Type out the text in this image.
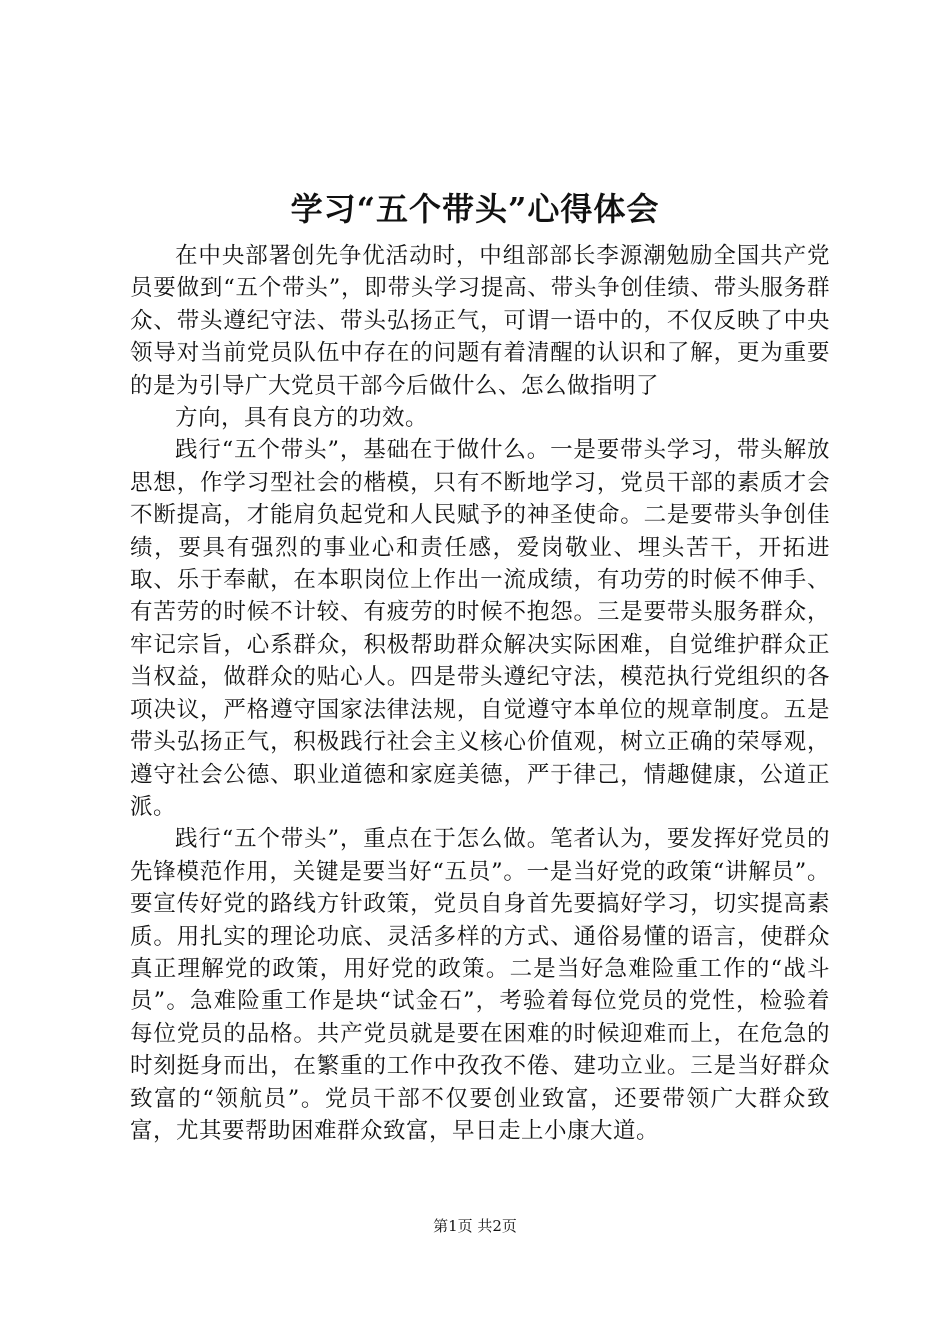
学习“五个带头”心得体会

在中央部署创先争优活动时，中组部部长李源潮勉励全国共产党员要做到“五个带头”，即带头学习提高、带头争创佳绩、带头服务群众、带头遵纪守法、带头弘扬正气，可谓一语中的，不仅反映了中央领导对当前党员队伍中存在的问题有着清醒的认识和了解，更为重要的是为引导广大党员干部今后做什么、怎么做指明了

方向，具有良方的功效。

践行“五个带头”，基础在于做什么。一是要带头学习，带头解放思想，作学习型社会的楷模，只有不断地学习，党员干部的素质才会不断提高，才能肩负起党和人民赋予的神圣使命。二是要带头争创佳绩，要具有强烈的事业心和责任感，爱岗敬业、埋头苦干，开拓进取、乐于奉献，在本职岗位上作出一流成绩，有功劳的时候不伸手、有苦劳的时候不计较、有疲劳的时候不抱怨。三是要带头服务群众，牢记宗旨，心系群众，积极帮助群众解决实际困难，自觉维护群众正当权益，做群众的贴心人。四是带头遵纪守法，模范执行党组织的各项决议，严格遵守国家法律法规，自觉遵守本单位的规章制度。五是带头弘扬正气，积极践行社会主义核心价值观，树立正确的荣辱观，遵守社会公德、职业道德和家庭美德，严于律己，情趣健康，公道正派。

践行“五个带头”，重点在于怎么做。笔者认为，要发挥好党员的先锋模范作用，关键是要当好“五员”。一是当好党的政策“讲解员”。要宣传好党的路线方针政策，党员自身首先要搞好学习，切实提高素质。用扎实的理论功底、灵活多样的方式、通俗易懂的语言，使群众真正理解党的政策，用好党的政策。二是当好急难险重工作的“战斗员”。急难险重工作是块“试金石”，考验着每位党员的党性，检验着每位党员的品格。共产党员就是要在困难的时候迎难而上，在危急的时刻挺身而出，在繁重的工作中孜孜不倦、建功立业。三是当好群众致富的“领航员”。党员干部不仅要创业致富，还要带领广大群众致富，尤其要帮助困难群众致富，早日走上小康大道。

第1页 共2页
